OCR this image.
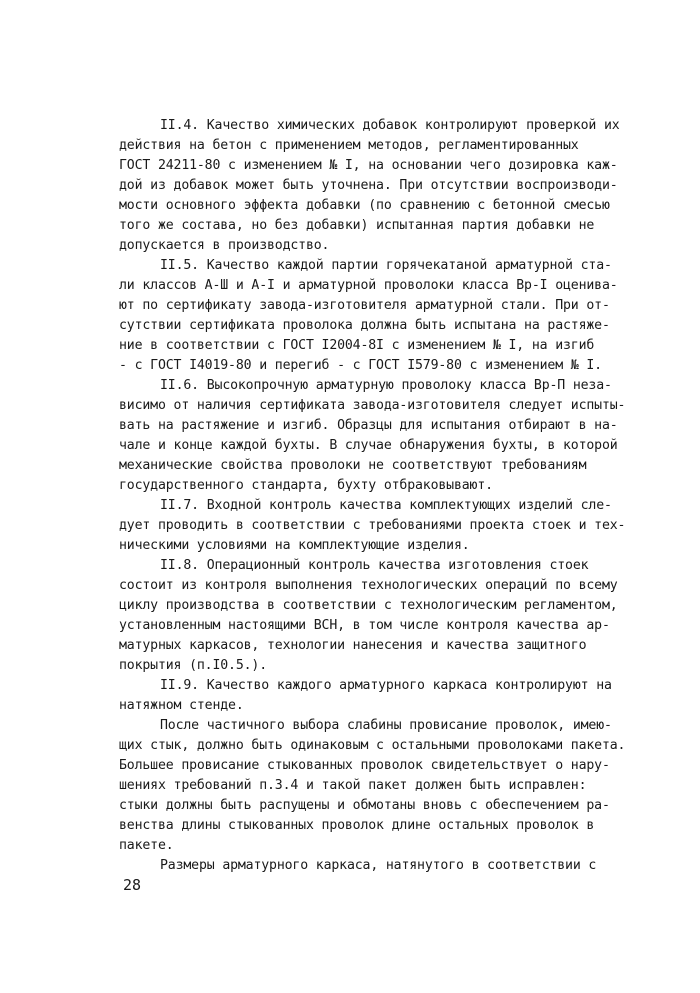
II.4. Качество химических добавок контролируют проверкой их
действия на бетон с применением методов, регламентированных
ГОСТ 24211-80 с изменением № I, на основании чего дозировка каж-
дой из добавок может быть уточнена. При отсутствии воспроизводи-
мости основного эффекта добавки (по сравнению с бетонной смесью
того же состава, но без добавки) испытанная партия добавки не
допускается в производство.
II.5. Качество каждой партии горячекатаной арматурной ста-
ли классов А-Ш и А-I и арматурной проволоки класса Вр-I оценива-
ют по сертификату завода-изготовителя арматурной стали. При от-
сутствии сертификата проволока должна быть испытана на растяже-
ние в соответствии с ГОСТ I2004-8I с изменением № I, на изгиб
- с ГОСТ I4019-80 и перегиб - с ГОСТ I579-80 с изменением № I.
II.6. Высокопрочную арматурную проволоку класса Вр-П неза-
висимо от наличия сертификата завода-изготовителя следует испыты-
вать на растяжение и изгиб. Образцы для испытания отбирают в на-
чале и конце каждой бухты. В случае обнаружения бухты, в которой
механические свойства проволоки не соответствуют требованиям
государственного стандарта, бухту отбраковывают.
II.7. Входной контроль качества комплектующих изделий сле-
дует проводить в соответствии с требованиями проекта стоек и тех-
ническими условиями на комплектующие изделия.
II.8. Операционный контроль качества изготовления стоек
состоит из контроля выполнения технологических операций по всему
циклу производства в соответствии с технологическим регламентом,
установленным настоящими ВСН, в том числе контроля качества ар-
матурных каркасов, технологии нанесения и качества защитного
покрытия (п.I0.5.).
II.9. Качество каждого арматурного каркаса контролируют на
натяжном стенде.
После частичного выбора слабины провисание проволок, имею-
щих стык, должно быть одинаковым с остальными проволоками пакета.
Большее провисание стыкованных проволок свидетельствует о нару-
шениях требований п.3.4 и такой пакет должен быть исправлен:
стыки должны быть распущены и обмотаны вновь с обеспечением ра-
венства длины стыкованных проволок длине остальных проволок в
пакете.
Размеры арматурного каркаса, натянутого в соответствии с
28
